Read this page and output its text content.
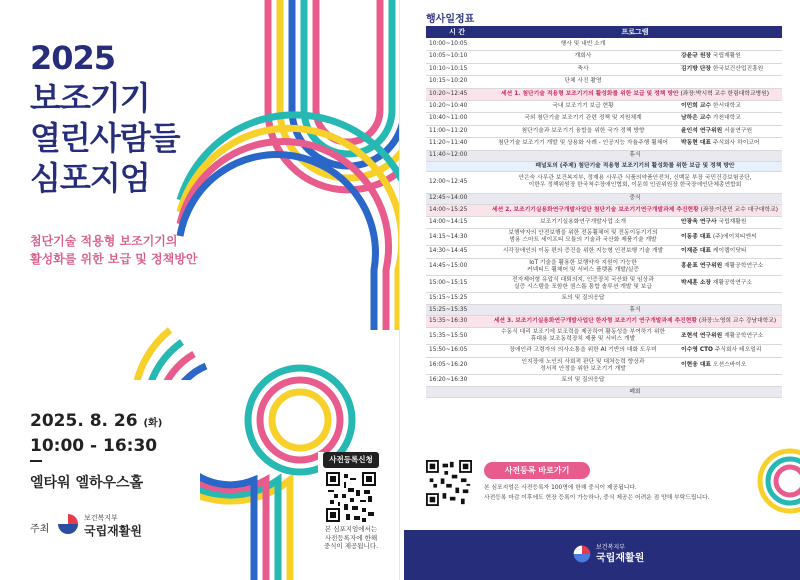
2025
보조기기
열린사람들
심포지엄
첨단기술 적용형 보조기기의
활성화를 위한 보급 및 정책방안
2025. 8. 26 (화)
10:00 - 16:30
엘타워 엘하우스홀
주최
보건복지부
국립재활원
사전등록신청
본 심포지엄에서는
사전등록자에 한해
중식이 제공됩니다.
행사일정표
시 간	프로그램	
10:00~10:05	행사 및 내빈 소개	
10:05~10:10	개회사	강윤규 원장 국립재활원
10:10~10:15	축사	김기방 단장 한국보건산업진흥원
10:15~10:20	단체 사진 촬영	
10:20~12:45	세션 1. 첨단기술 적용형 보조기기의 활성화를 위한 보급 및 정책 방안 (좌장:박시혁 교수 한림대학교병원)	
10:20~10:40	국내 보조기기 보급 현황	이민희 교수 한서대학교
10:40~11:00	국외 첨단기술 보조기기 관련 정책 및 지원체계	남하은 교수 가천대학교
11:00~11:20	첨단기술과 보조기기 융합을 위한 국가 정책 방향	윤인석 연구위원 서울연구원
11:20~11:40	첨단기술 보조기기 개발 및 상용화 사례 - 인공지능 자율주행 휠체어	박동현 대표 주식회사 하이코어
11:40~12:00	휴식	
	패널토의 (주제) 첨단기술 적용형 보조기기의 활성화를 위한 보급 및 정책 방안	
12:00~12:45	안은숙 사무관 보건복지부, 정재용 사무관 식품의약품안전처, 신백문 부장 국민건강보험공단,
이한우 정책위원장 한국척수장애인협회, 이문희 인권위원장 한국장애인단체총연합회	

12:45~14:00	중식	
14:00~15:25	세션 2. 보조기기실용화연구개발사업단 첨단기술 보조기기연구개발과제 추진현황 (좌장:이관민 교수 대구대학교)	
14:00~14:15	보조기기실용화연구개발사업 소개	안광욱 연구사 국립재활원
14:15~14:30	보행약자의 안전보행을 위한 전동휠체어 및 전동이동기기의
범용 스마트 세이프티 모듈의 기술과 국산화 제품기술 개발	이동종 대표 (주)에이치티엔씨
14:30~14:45	시각장애인의 이동 편의 증진을 위한 지능형 인전보행 기술 개발	이재준 대표 케이랩이닷티
14:45~15:00	IoT 기술을 활용한 보행약자 지원이 가능한
커넥티드 휠체어 및 서비스 플랫폼 개발/실증	홍윤표 연구위원 재활공학연구소
15:00~15:15	전자제어형 유압식 대퇴의지, 인증장치 국산화 및 임상과
실증 시스템을 포함한 퀀스톱 통합 솔루션 개발 및 보급	박세훈 소장 재활공학연구소
15:15~15:25	토의 및 질의응답	
15:25~15:35	휴식	
15:35~16:30	세션 3. 보조기기실용화연구개발사업단 한자형 보조기기 연구개발과제 추진현황 (좌장:노영희 교수 강남대학교)	
15:35~15:50	수동식 대리 보조기에 보조력을 제공하여 활동성을 부여하기 위한
휴대용 보조동력장치 제품 및 서비스 개발	조현석 연구위원 재활공학연구소
15:50~16:05	장애인과 고령자의 의사소통을 위한 AI 기반의 대화 도우미	이수영 CTO 주식회사 테오얼리
16:05~16:20	인지장애 노인의 사회적 판단 및 대처능력 향상과
정서적 안정을 위한 보조기기 개발	이현웅 대표 오션스바이오
16:20~16:30	토의 및 질의응답	
	폐회	
사전등록 바로가기
본 심포지엄은 사전등록자 100명에 한해 중식이 제공됩니다.
사전등록 마감 이후에도 현장 등록이 가능하나, 중식 제공은 어려운 점 양해 부탁드립니다.
보건복지부
국립재활원
